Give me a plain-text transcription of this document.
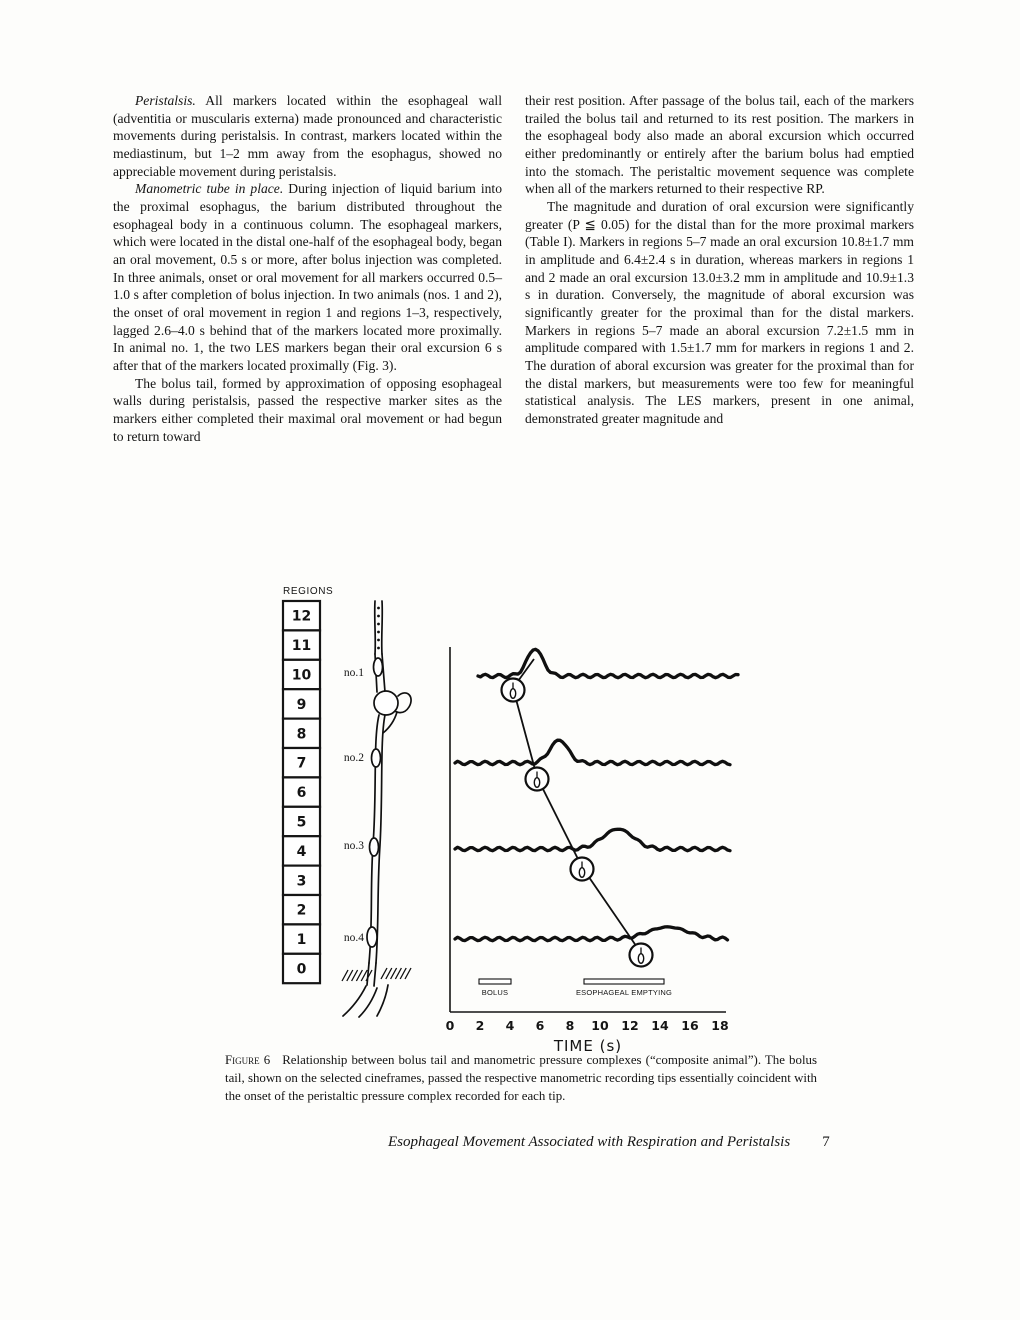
Peristalsis. All markers located within the esophageal wall (adventitia or muscularis externa) made pronounced and characteristic movements during peristalsis. In contrast, markers located within the mediastinum, but 1–2 mm away from the esophagus, showed no appreciable movement during peristalsis.

Manometric tube in place. During injection of liquid barium into the proximal esophagus, the barium distributed throughout the esophageal body in a continuous column. The esophageal markers, which were located in the distal one-half of the esophageal body, began an oral movement, 0.5 s or more, after bolus injection was completed. In three animals, onset or oral movement for all markers occurred 0.5–1.0 s after completion of bolus injection. In two animals (nos. 1 and 2), the onset of oral movement in region 1 and regions 1–3, respectively, lagged 2.6–4.0 s behind that of the markers located more proximally. In animal no. 1, the two LES markers began their oral excursion 6 s after that of the markers located proximally (Fig. 3).

The bolus tail, formed by approximation of opposing esophageal walls during peristalsis, passed the respective marker sites as the markers either completed their maximal oral movement or had begun to return toward

their rest position. After passage of the bolus tail, each of the markers trailed the bolus tail and returned to its rest position. The markers in the esophageal body also made an aboral excursion which occurred either predominantly or entirely after the barium bolus had emptied into the stomach. The peristaltic movement sequence was complete when all of the markers returned to their respective RP.

The magnitude and duration of oral excursion were significantly greater (P ≦ 0.05) for the distal than for the more proximal markers (Table I). Markers in regions 5–7 made an oral excursion 10.8±1.7 mm in amplitude and 6.4±2.4 s in duration, whereas markers in regions 1 and 2 made an oral excursion 13.0±3.2 mm in amplitude and 10.9±1.3 s in duration. Conversely, the magnitude of aboral excursion was significantly greater for the proximal than for the distal markers. Markers in regions 5–7 made an aboral excursion 7.2±1.5 mm in amplitude compared with 1.5±1.7 mm for markers in regions 1 and 2. The duration of aboral excursion was greater for the proximal than for the distal markers, but measurements were too few for meaningful statistical analysis. The LES markers, present in one animal, demonstrated greater magnitude and

REGIONS
12
11
10
9
8
7
6
5
4
3
2
1
0
no.1
no.2
no.3
no.4
0 2 4 6 8 10 12 14 16 18
TIME (s)
BOLUS	ESOPHAGEAL EMPTYING

Figure 6 Relationship between bolus tail and manometric pressure complexes (“composite animal”). The bolus tail, shown on the selected cineframes, passed the respective manometric recording tips essentially coincident with the onset of the peristaltic pressure complex recorded for each tip.

Esophageal Movement Associated with Respiration and Peristalsis 7
